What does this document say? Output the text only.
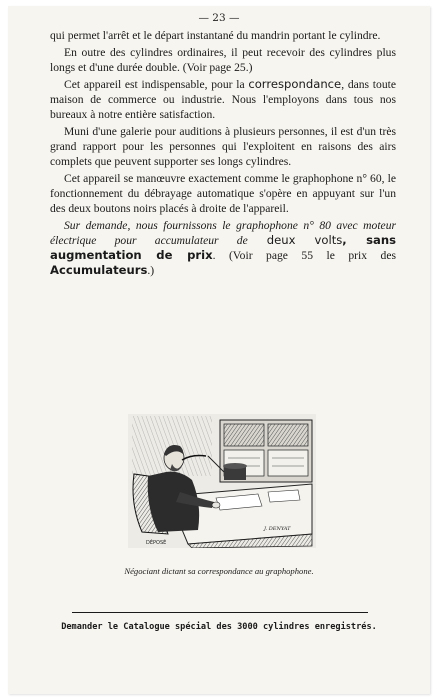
— 23 —

qui permet l'arrêt et le départ instantané du mandrin portant le cylindre.

En outre des cylindres ordinaires, il peut recevoir des cylindres plus longs et d'une durée double. (Voir page 25.)

Cet appareil est indispensable, pour la correspondance, dans toute maison de commerce ou industrie. Nous l'employons dans tous nos bureaux à notre entière satisfaction.

Muni d'une galerie pour auditions à plusieurs personnes, il est d'un très grand rapport pour les personnes qui l'exploitent en raisons des airs complets que peuvent supporter ses longs cylindres.

Cet appareil se manœuvre exactement comme le graphophone n° 60, le fonctionnement du débrayage automatique s'opère en appuyant sur l'un des deux boutons noirs placés à droite de l'appareil.

Sur demande, nous fournissons le graphophone n° 80 avec moteur électrique pour accumulateur de deux volts, sans augmentation de prix. (Voir page 55 le prix des Accumulateurs.)

DÉPOSÉ
J. DENYAT
Négociant dictant sa correspondance au graphophone.
Demander le Catalogue spécial des 3000 cylindres enregistrés.
